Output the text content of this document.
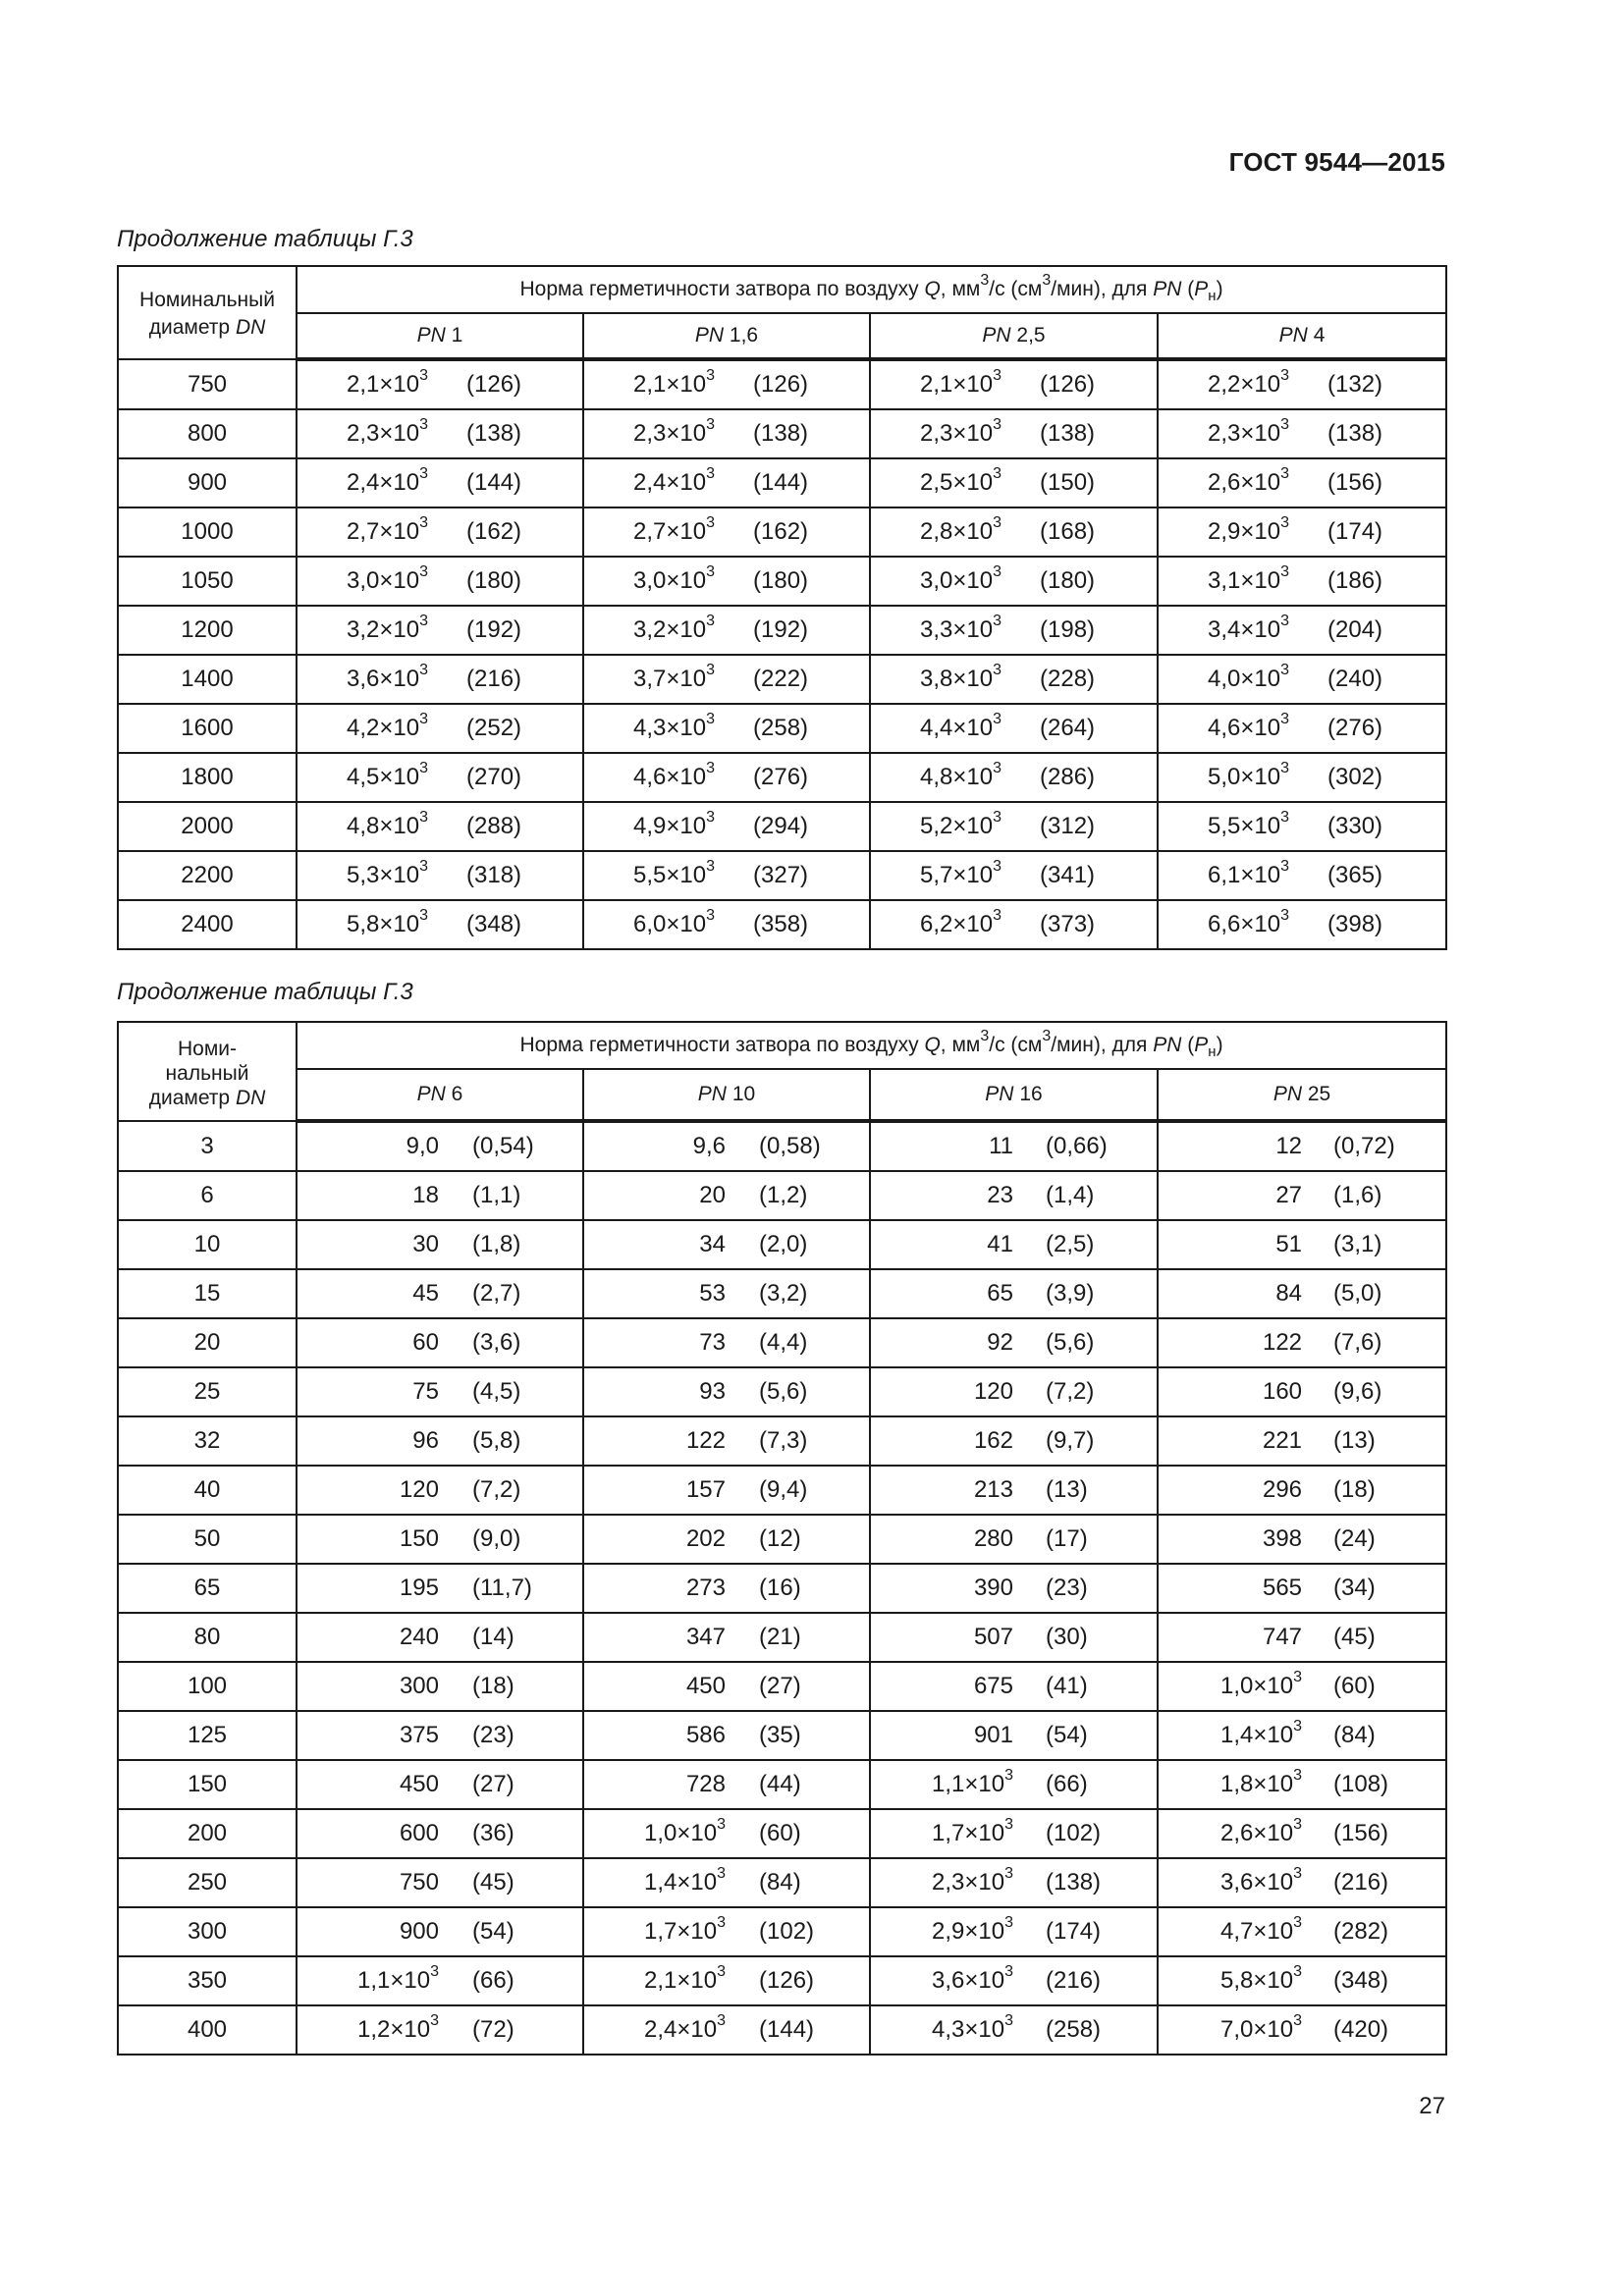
ГОСТ 9544—2015
Продолжение таблицы Г.3
Номинальный
диаметр DN	Норма герметичности затвора по воздуху Q, $мм^3/с$ $(см^3/мин)$, для PN $(P_н)$			
	PN 1	PN 1,6	PN 2,5	PN 4
750	$2,1\times 10^3$ (126)	$2,1\times 10^3$ (126)	$2,1\times 10^3$ (126)	$2,2\times 10^3$ (132)

800	$2,3\times 10^3$ (138)	$2,3\times 10^3$ (138)	$2,3\times 10^3$ (138)	$2,3\times 10^3$ (138)

900	$2,4\times 10^3$ (144)	$2,4\times 10^3$ (144)	$2,5\times 10^3$ (150)	$2,6\times 10^3$ (156)

1000	$2,7\times 10^3$ (162)	$2,7\times 10^3$ (162)	$2,8\times 10^3$ (168)	$2,9\times 10^3$ (174)

1050	$3,0\times 10^3$ (180)	$3,0\times 10^3$ (180)	$3,0\times 10^3$ (180)	$3,1\times 10^3$ (186)

1200	$3,2\times 10^3$ (192)	$3,2\times 10^3$ (192)	$3,3\times 10^3$ (198)	$3,4\times 10^3$ (204)

1400	$3,6\times 10^3$ (216)	$3,7\times 10^3$ (222)	$3,8\times 10^3$ (228)	$4,0\times 10^3$ (240)

1600	$4,2\times 10^3$ (252)	$4,3\times 10^3$ (258)	$4,4\times 10^3$ (264)	$4,6\times 10^3$ (276)

1800	$4,5\times 10^3$ (270)	$4,6\times 10^3$ (276)	$4,8\times 10^3$ (286)	$5,0\times 10^3$ (302)

2000	$4,8\times 10^3$ (288)	$4,9\times 10^3$ (294)	$5,2\times 10^3$ (312)	$5,5\times 10^3$ (330)

2200	$5,3\times 10^3$ (318)	$5,5\times 10^3$ (327)	$5,7\times 10^3$ (341)	$6,1\times 10^3$ (365)

2400	$5,8\times 10^3$ (348)	$6,0\times 10^3$ (358)	$6,2\times 10^3$ (373)	$6,6\times 10^3$ (398)
Продолжение таблицы Г.3
Номи-
нальный
диаметр DN	Норма герметичности затвора по воздуху Q, $мм^3/с$ $(см^3/мин)$, для PN $(P_н)$			
	PN 6	PN 10	PN 16	PN 25
3	9,0 (0,54)	9,6 (0,58)	11 (0,66)	12 (0,72)

6	18 (1,1)	20 (1,2)	23 (1,4)	27 (1,6)

10	30 (1,8)	34 (2,0)	41 (2,5)	51 (3,1)

15	45 (2,7)	53 (3,2)	65 (3,9)	84 (5,0)

20	60 (3,6)	73 (4,4)	92 (5,6)	122 (7,6)

25	75 (4,5)	93 (5,6)	120 (7,2)	160 (9,6)

32	96 (5,8)	122 (7,3)	162 (9,7)	221 (13)

40	120 (7,2)	157 (9,4)	213 (13)	296 (18)

50	150 (9,0)	202 (12)	280 (17)	398 (24)

65	195 (11,7)	273 (16)	390 (23)	565 (34)

80	240 (14)	347 (21)	507 (30)	747 (45)

100	300 (18)	450 (27)	675 (41)	$1,0\times 10^3$ (60)

125	375 (23)	586 (35)	901 (54)	$1,4\times 10^3$ (84)

150	450 (27)	728 (44)	$1,1\times 10^3$ (66)	$1,8\times 10^3$ (108)

200	600 (36)	$1,0\times 10^3$ (60)	$1,7\times 10^3$ (102)	$2,6\times 10^3$ (156)

250	750 (45)	$1,4\times 10^3$ (84)	$2,3\times 10^3$ (138)	$3,6\times 10^3$ (216)

300	900 (54)	$1,7\times 10^3$ (102)	$2,9\times 10^3$ (174)	$4,7\times 10^3$ (282)

350	$1,1\times 10^3$ (66)	$2,1\times 10^3$ (126)	$3,6\times 10^3$ (216)	$5,8\times 10^3$ (348)

400	$1,2\times 10^3$ (72)	$2,4\times 10^3$ (144)	$4,3\times 10^3$ (258)	$7,0\times 10^3$ (420)
27
